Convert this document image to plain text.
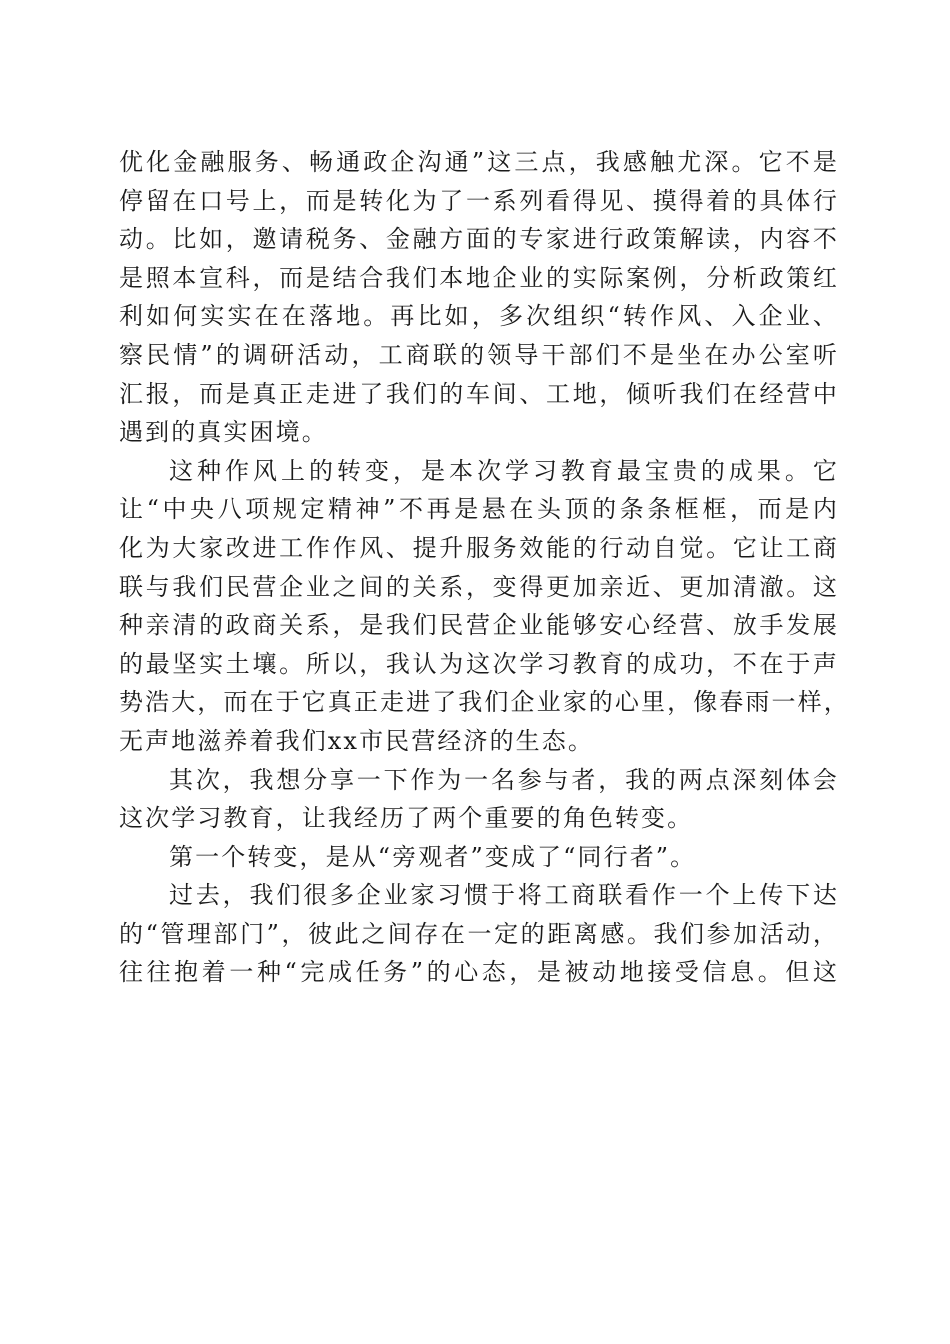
优化金融服务、畅通政企沟通”这三点，我感触尤深。它不是
停留在口号上，而是转化为了一系列看得见、摸得着的具体行
动。比如，邀请税务、金融方面的专家进行政策解读，内容不
是照本宣科，而是结合我们本地企业的实际案例，分析政策红
利如何实实在在落地。再比如，多次组织“转作风、入企业、
察民情”的调研活动，工商联的领导干部们不是坐在办公室听
汇报，而是真正走进了我们的车间、工地，倾听我们在经营中
遇到的真实困境。
这种作风上的转变，是本次学习教育最宝贵的成果。它
让“中央八项规定精神”不再是悬在头顶的条条框框，而是内
化为大家改进工作作风、提升服务效能的行动自觉。它让工商
联与我们民营企业之间的关系，变得更加亲近、更加清澈。这
种亲清的政商关系，是我们民营企业能够安心经营、放手发展
的最坚实土壤。所以，我认为这次学习教育的成功，不在于声
势浩大，而在于它真正走进了我们企业家的心里，像春雨一样，
无声地滋养着我们xx市民营经济的生态。
其次，我想分享一下作为一名参与者，我的两点深刻体会
这次学习教育，让我经历了两个重要的角色转变。
第一个转变，是从“旁观者”变成了“同行者”。
过去，我们很多企业家习惯于将工商联看作一个上传下达
的“管理部门”，彼此之间存在一定的距离感。我们参加活动，
往往抱着一种“完成任务”的心态，是被动地接受信息。但这
